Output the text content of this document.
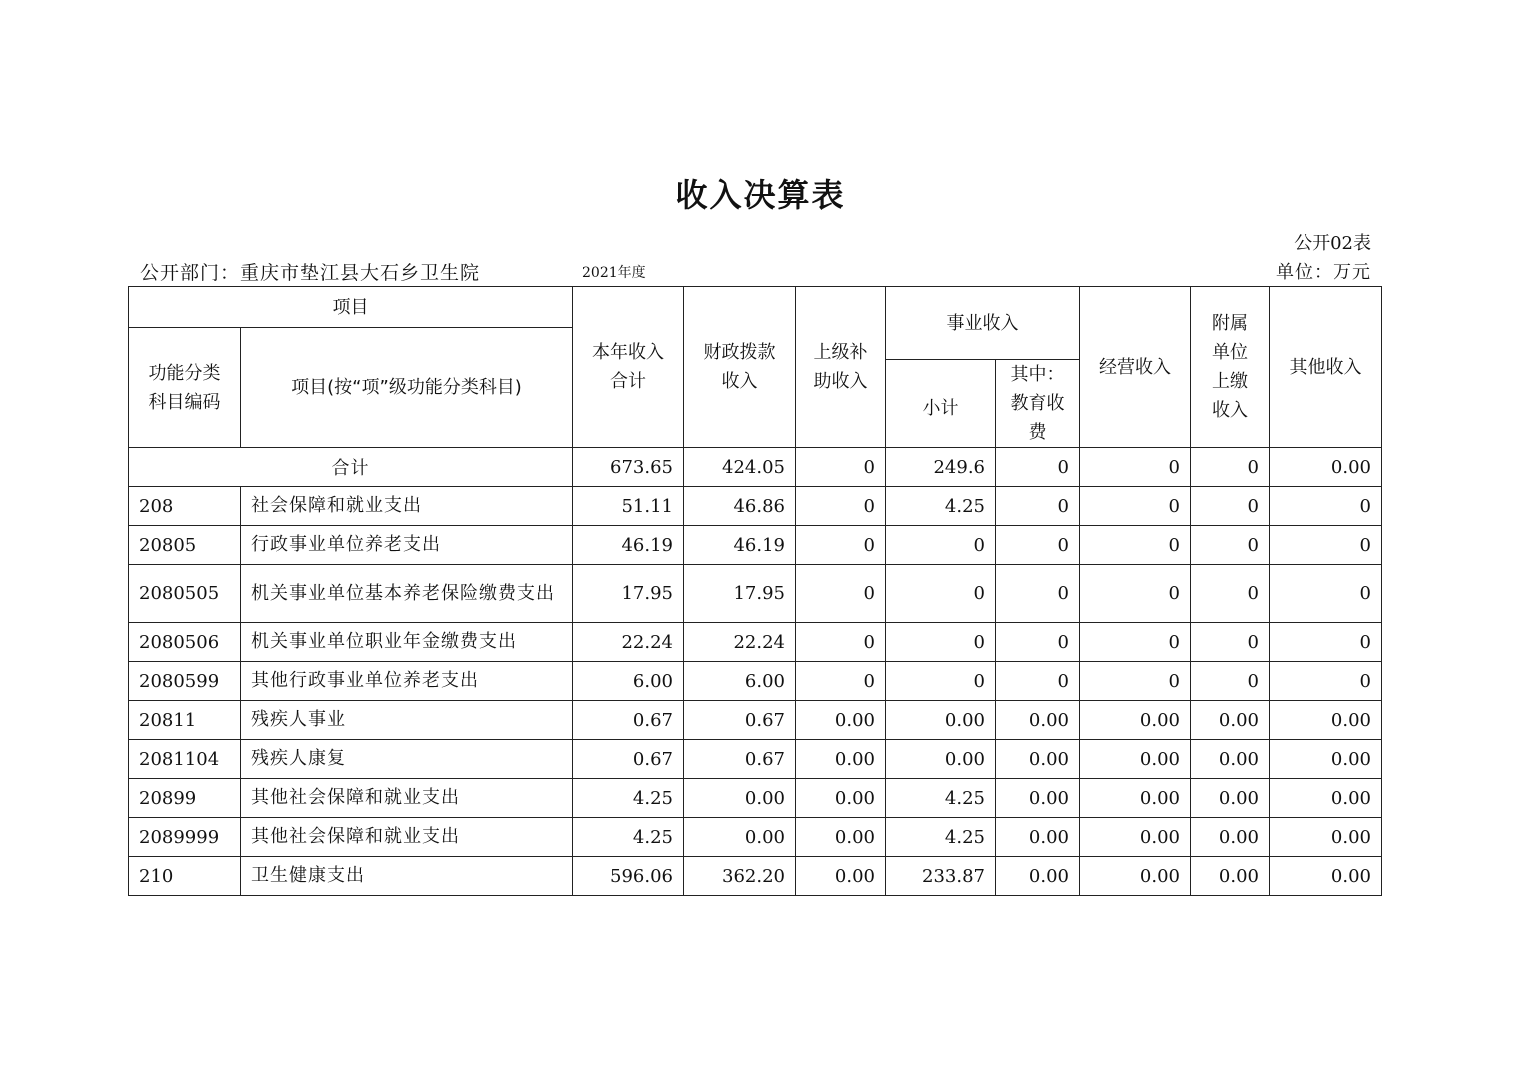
收入决算表
公开02表
公开部门：重庆市垫江县大石乡卫生院	2021年度	单位：万元
项目		本年收入合计	财政拨款收入	上级补助收入	事业收入		经营收入	附属单位上缴收入	其他收入

功能分类科目编码	项目(按“项”级功能分类科目)								
					小计	其中：教育收费			

合计		673.65	424.05	0	249.6	0	0	0	0.00
208	社会保障和就业支出	51.11	46.86	0	4.25	0	0	0	0
20805	行政事业单位养老支出	46.19	46.19	0	0	0	0	0	0
2080505	机关事业单位基本养老保险缴费支出	17.95	17.95	0	0	0	0	0	0
2080506	机关事业单位职业年金缴费支出	22.24	22.24	0	0	0	0	0	0
2080599	其他行政事业单位养老支出	6.00	6.00	0	0	0	0	0	0
20811	残疾人事业	0.67	0.67	0.00	0.00	0.00	0.00	0.00	0.00
2081104	残疾人康复	0.67	0.67	0.00	0.00	0.00	0.00	0.00	0.00
20899	其他社会保障和就业支出	4.25	0.00	0.00	4.25	0.00	0.00	0.00	0.00
2089999	其他社会保障和就业支出	4.25	0.00	0.00	4.25	0.00	0.00	0.00	0.00
210	卫生健康支出	596.06	362.20	0.00	233.87	0.00	0.00	0.00	0.00
